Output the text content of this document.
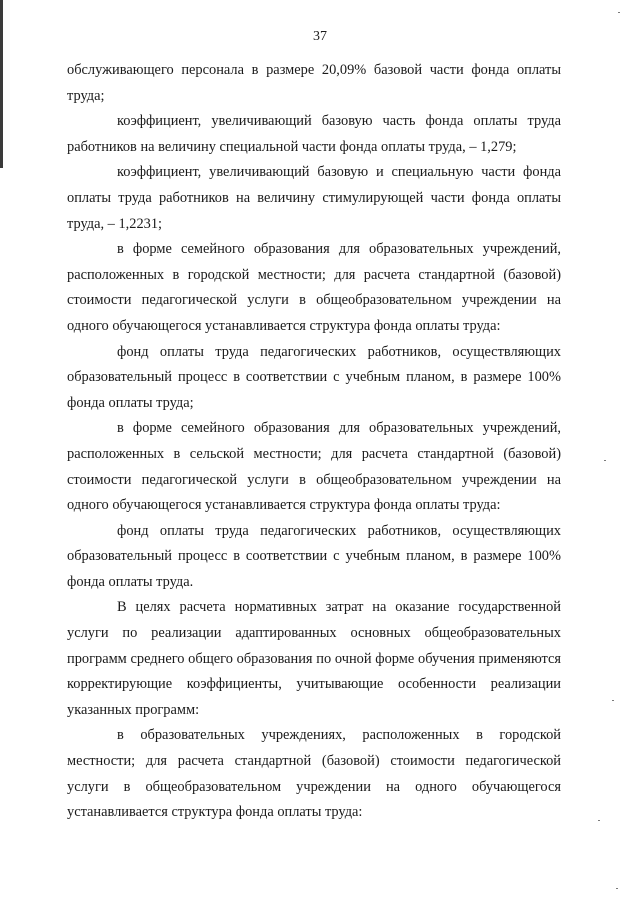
37

обслуживающего персонала в размере 20,09% базовой части фонда оплаты труда;

коэффициент, увеличивающий базовую часть фонда оплаты труда работников на величину специальной части фонда оплаты труда, – 1,279;

коэффициент, увеличивающий базовую и специальную части фонда оплаты труда работников на величину стимулирующей части фонда оплаты труда, – 1,2231;

в форме семейного образования для образовательных учреждений, расположенных в городской местности; для расчета стандартной (базовой) стоимости педагогической услуги в общеобразовательном учреждении на одного обучающегося устанавливается структура фонда оплаты труда:

фонд оплаты труда педагогических работников, осуществляющих образовательный процесс в соответствии с учебным планом, в размере 100% фонда оплаты труда;

в форме семейного образования для образовательных учреждений, расположенных в сельской местности; для расчета стандартной (базовой) стоимости педагогической услуги в общеобразовательном учреждении на одного обучающегося устанавливается структура фонда оплаты труда:

фонд оплаты труда педагогических работников, осуществляющих образовательный процесс в соответствии с учебным планом, в размере 100% фонда оплаты труда.

В целях расчета нормативных затрат на оказание государственной услуги по реализации адаптированных основных общеобразовательных программ среднего общего образования по очной форме обучения применяются корректирующие коэффициенты, учитывающие особенности реализации указанных программ:

в образовательных учреждениях, расположенных в городской местности; для расчета стандартной (базовой) стоимости педагогической услуги в общеобразовательном учреждении на одного обучающегося устанавливается структура фонда оплаты труда:
